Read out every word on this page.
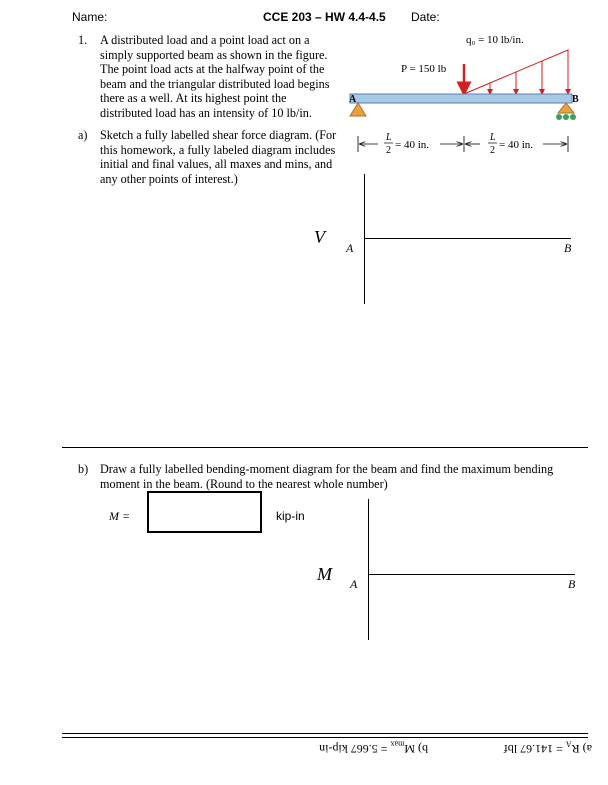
Name:	CCE 203 – HW 4.4-4.5 Date:
1. A distributed load and a point load act on a
simply supported beam as shown in the figure.
The point load acts at the halfway point of the
beam and the triangular distributed load begins
there as a well. At its highest point the
distributed load has an intensity of 10 lb/in.
q₀ = 10 lb/in.
P = 150 lb
A	B
L
2 = 40 in.
L
2 = 40 in.
a) Sketch a fully labelled shear force diagram. (For
this homework, a fully labeled diagram includes
initial and final values, all maxes and mins, and
any other points of interest.)
V
A	B
b) Draw a fully labelled bending-moment diagram for the beam and find the maximum bending
moment in the beam. (Round to the nearest whole number)
M =	kip-in
M A	B
a) $R_A = 141.67$ lbf
b) $M_{max} = 5.667$ kip-in
